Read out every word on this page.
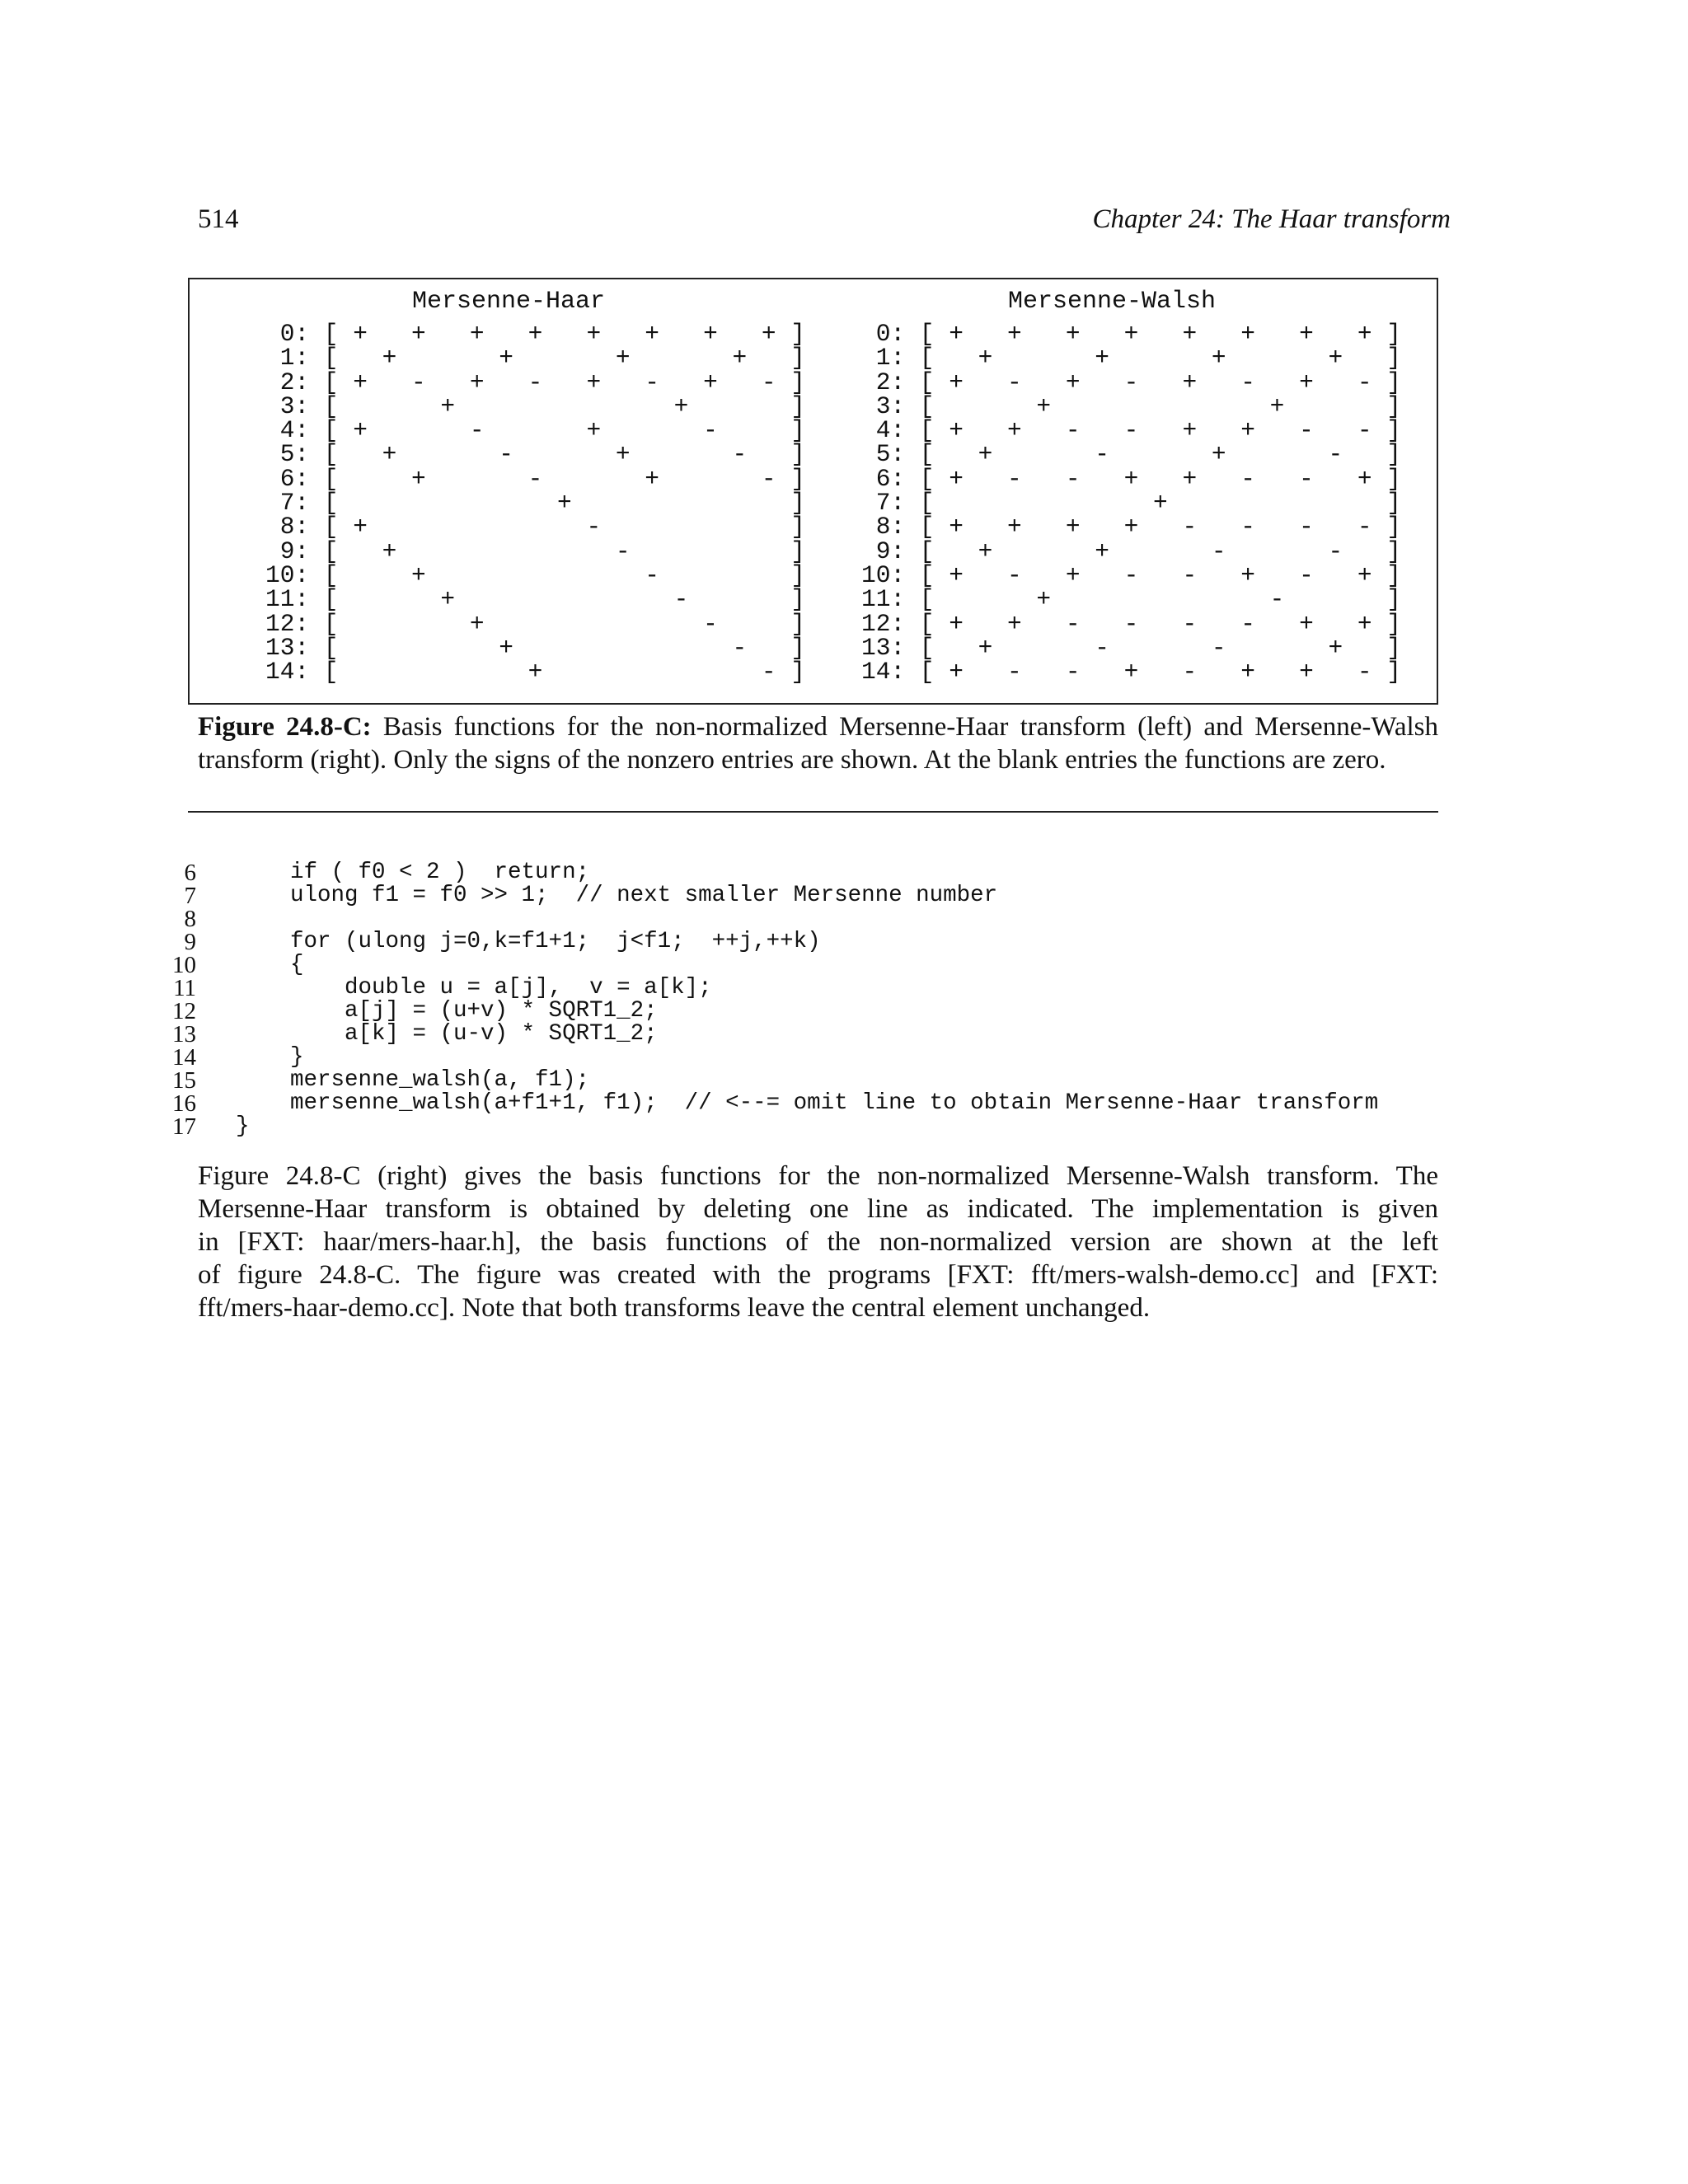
514	Chapter 24: The Haar transform
Mersenne-Haar	Mersenne-Walsh
0: [ +   +   +   +   +   +   +   + ]
1: [   +       +       +       +   ]
2: [ +   -   +   -   +   -   +   - ]
3: [       +               +       ]
4: [ +       -       +       -     ]
5: [   +       -       +       -   ]
6: [     +       -       +       - ]
7: [               +               ]
8: [ +               -             ]
9: [   +               -           ]
10: [     +               -         ]
11: [       +               -       ]
12: [         +               -     ]
13: [           +               -   ]
14: [             +               - ]
0: [ +   +   +   +   +   +   +   + ]
1: [   +       +       +       +   ]
2: [ +   -   +   -   +   -   +   - ]
3: [       +               +       ]
4: [ +   +   -   -   +   +   -   - ]
5: [   +       -       +       -   ]
6: [ +   -   -   +   +   -   -   + ]
7: [               +               ]
8: [ +   +   +   +   -   -   -   - ]
9: [   +       +       -       -   ]
10: [ +   -   +   -   -   +   -   + ]
11: [       +               -       ]
12: [ +   +   -   -   -   -   +   + ]
13: [   +       -       -       +   ]
14: [ +   -   -   +   -   +   +   - ]
Figure 24.8-C: Basis functions for the non-normalized Mersenne-Haar transform (left) and Mersenne-Walsh transform (right). Only the signs of the nonzero entries are shown. At the blank entries the functions are zero.
6 if ( f0 < 2 )  return;
7 ulong f1 = f0 >> 1;  // next smaller Mersenne number
8
9 for (ulong j=0,k=f1+1;  j<f1;  ++j,++k)
10 {
11 double u = a[j],  v = a[k];
12 a[j] = (u+v) * SQRT1_2;
13 a[k] = (u-v) * SQRT1_2;
14 }
15 mersenne_walsh(a, f1);
16 mersenne_walsh(a+f1+1, f1);  // <--= omit line to obtain Mersenne-Haar transform
17 }
Figure 24.8-C (right) gives the basis functions for the non-normalized Mersenne-Walsh transform. The
Mersenne-Haar transform is obtained by deleting one line as indicated. The implementation is given
in [FXT: haar/mers-haar.h], the basis functions of the non-normalized version are shown at the left
of figure 24.8-C. The figure was created with the programs [FXT: fft/mers-walsh-demo.cc] and [FXT:
fft/mers-haar-demo.cc]. Note that both transforms leave the central element unchanged.
